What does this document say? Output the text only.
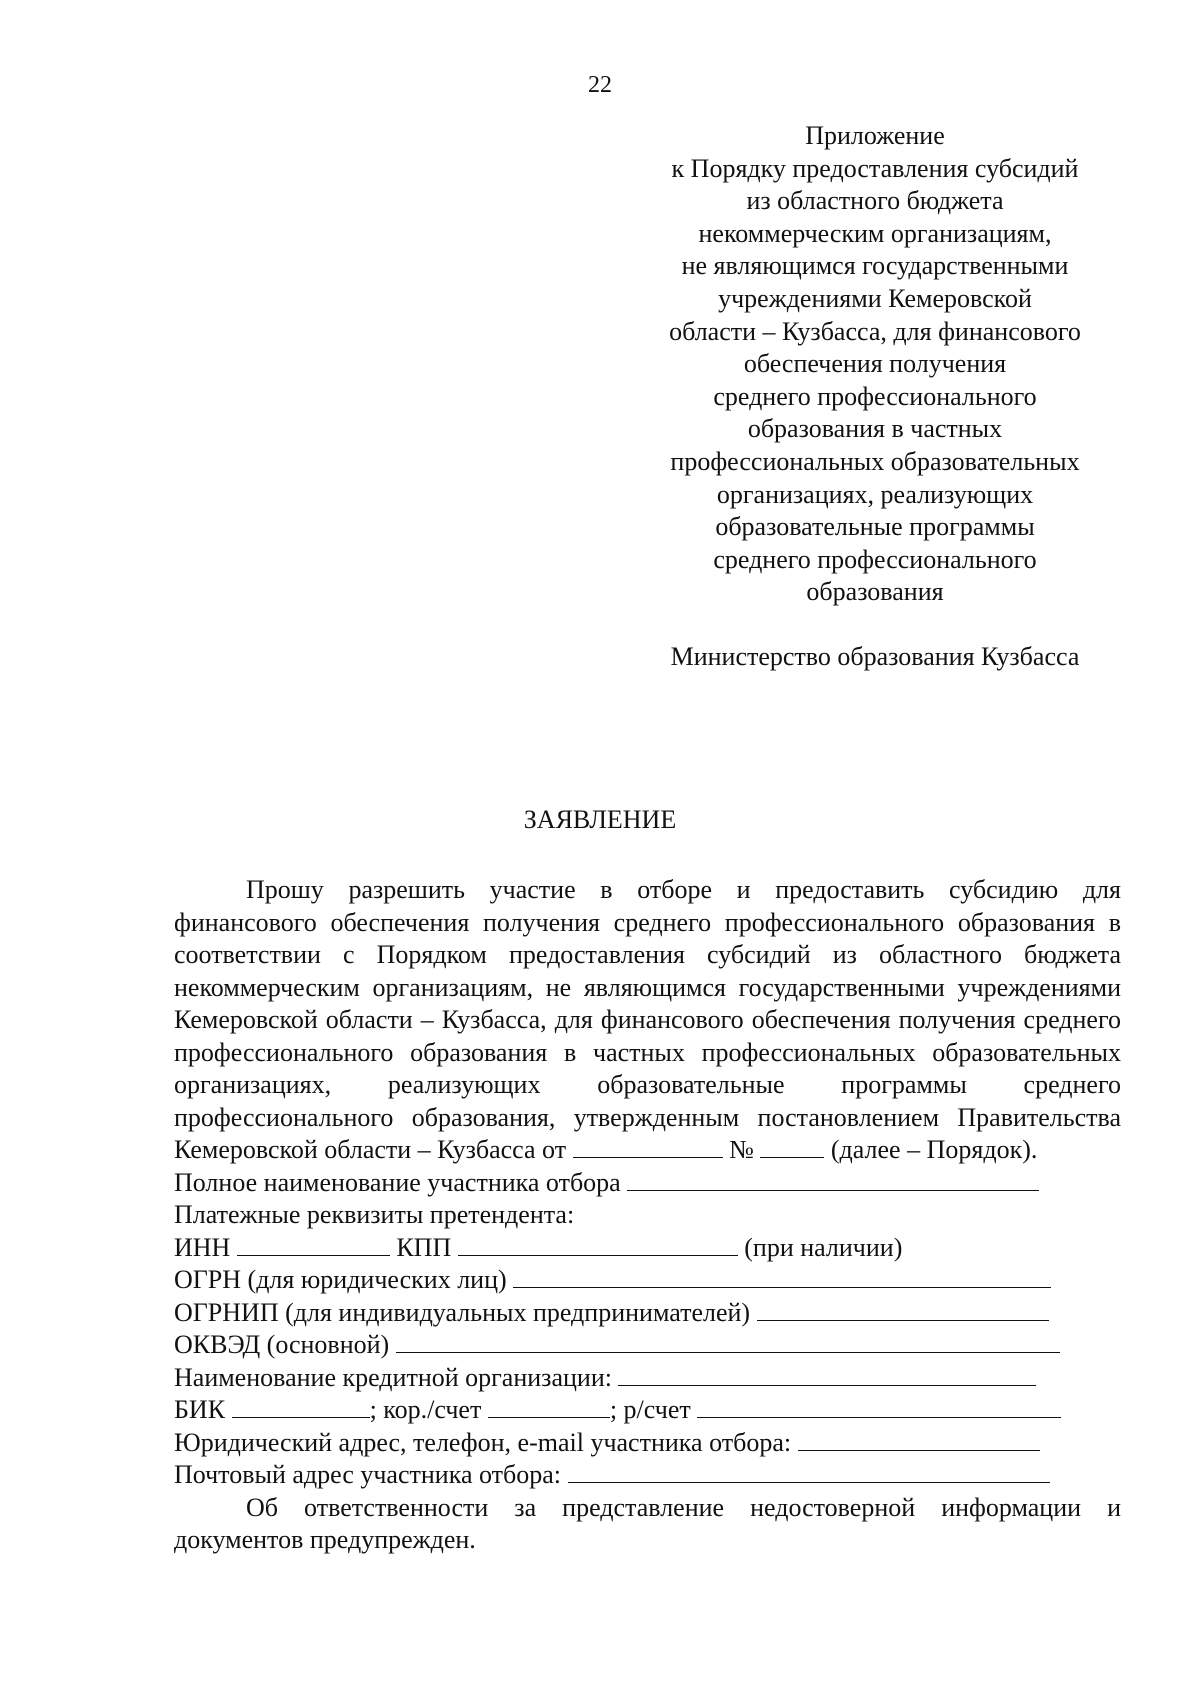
22
Приложение
к Порядку предоставления субсидий
из областного бюджета
некоммерческим организациям,
не являющимся государственными
учреждениями Кемеровской
области – Кузбасса, для финансового
обеспечения получения
среднего профессионального
образования в частных
профессиональных образовательных
организациях, реализующих
образовательные программы
среднего профессионального
образования
Министерство образования Кузбасса
ЗАЯВЛЕНИЕ

Прошу разрешить участие в отборе и предоставить субсидию для финансового обеспечения получения среднего профессионального образования в соответствии с Порядком предоставления субсидий из областного бюджета некоммерческим организациям, не являющимся государственными учреждениями Кемеровской области – Кузбасса, для финансового обеспечения получения среднего профессионального образования в частных профессиональных образовательных организациях, реализующих образовательные программы среднего профессионального образования, утвержденным постановлением Правительства Кемеровской области – Кузбасса от	№	(далее – Порядок).

Полное наименование участника отбора
Платежные реквизиты претендента:
ИНН	КПП	(при наличии)
ОГРН (для юридических лиц)
ОГРНИП (для индивидуальных предпринимателей)
ОКВЭД (основной)
Наименование кредитной организации:
БИК	; кор./счет	; р/счет
Юридический адрес, телефон, e-mail участника отбора:
Почтовый адрес участника отбора:

Об ответственности за представление недостоверной информации и документов предупрежден.
